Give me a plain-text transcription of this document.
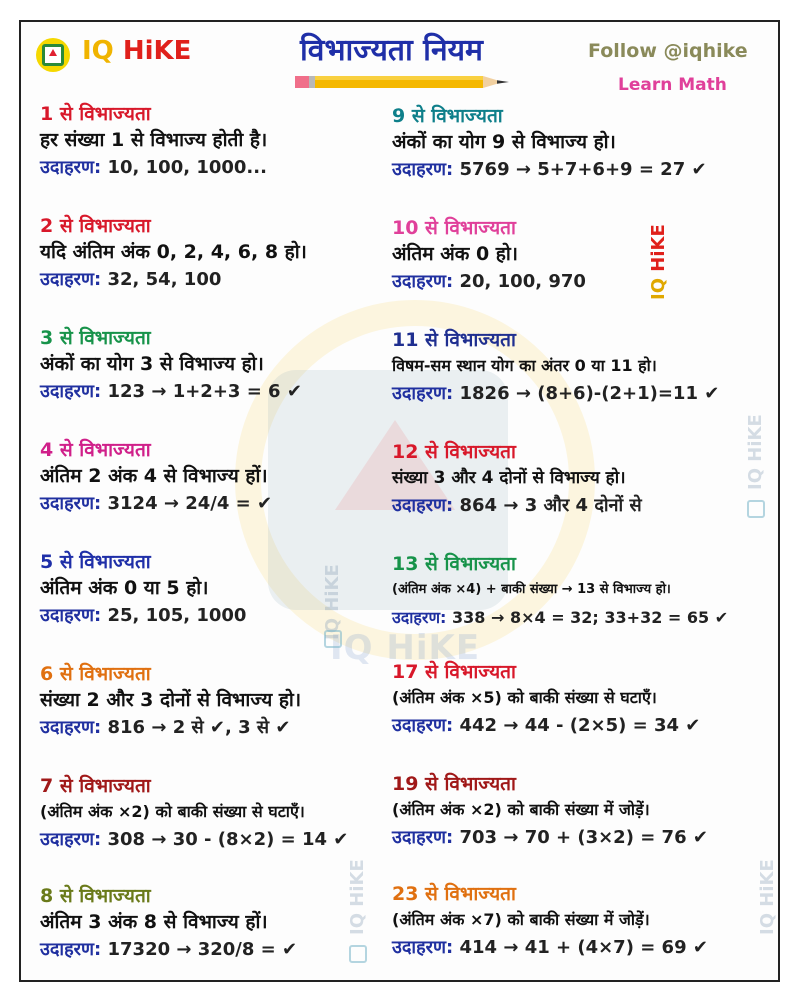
IQ HiKE
IQ HiKE
IQ HiKE
IQ HiKE	IQ HiKE
IQ HiKE	विभाज्यता नियम	Follow @iqhike
Learn Math
IQ HiKE
1 से विभाज्यता
हर संख्या 1 से विभाज्य होती है।
उदाहरण: 10, 100, 1000...
2 से विभाज्यता
यदि अंतिम अंक 0, 2, 4, 6, 8 हो।
उदाहरण: 32, 54, 100
3 से विभाज्यता
अंकों का योग 3 से विभाज्य हो।
उदाहरण: 123 → 1+2+3 = 6 ✔
4 से विभाज्यता
अंतिम 2 अंक 4 से विभाज्य हों।
उदाहरण: 3124 → 24/4 = ✔
5 से विभाज्यता
अंतिम अंक 0 या 5 हो।
उदाहरण: 25, 105, 1000
6 से विभाज्यता
संख्या 2 और 3 दोनों से विभाज्य हो।
उदाहरण: 816 → 2 से ✔, 3 से ✔
7 से विभाज्यता
(अंतिम अंक ×2) को बाकी संख्या से घटाएँ।
उदाहरण: 308 → 30 - (8×2) = 14 ✔
8 से विभाज्यता
अंतिम 3 अंक 8 से विभाज्य हों।
उदाहरण: 17320 → 320/8 = ✔
9 से विभाज्यता
अंकों का योग 9 से विभाज्य हो।
उदाहरण: 5769 → 5+7+6+9 = 27 ✔
10 से विभाज्यता
अंतिम अंक 0 हो।
उदाहरण: 20, 100, 970
11 से विभाज्यता
विषम-सम स्थान योग का अंतर 0 या 11 हो।
उदाहरण: 1826 → (8+6)-(2+1)=11 ✔
12 से विभाज्यता
संख्या 3 और 4 दोनों से विभाज्य हो।
उदाहरण: 864 → 3 और 4 दोनों से
13 से विभाज्यता
(अंतिम अंक ×4) + बाकी संख्या → 13 से विभाज्य हो।
उदाहरण: 338 → 8×4 = 32; 33+32 = 65 ✔
17 से विभाज्यता
(अंतिम अंक ×5) को बाकी संख्या से घटाएँ।
उदाहरण: 442 → 44 - (2×5) = 34 ✔
19 से विभाज्यता
(अंतिम अंक ×2) को बाकी संख्या में जोड़ें।
उदाहरण: 703 → 70 + (3×2) = 76 ✔
23 से विभाज्यता
(अंतिम अंक ×7) को बाकी संख्या में जोड़ें।
उदाहरण: 414 → 41 + (4×7) = 69 ✔
